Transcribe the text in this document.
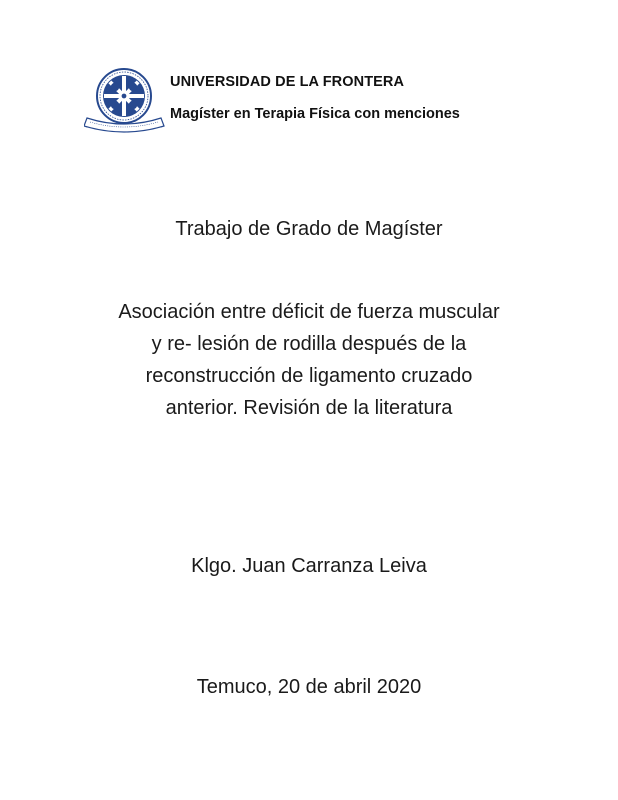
UNIVERSIDAD DE LA FRONTERA
Magíster en Terapia Física con menciones
Trabajo de Grado de Magíster
Asociación entre déficit de fuerza muscular
y re- lesión de rodilla después de la
reconstrucción de ligamento cruzado
anterior. Revisión de la literatura
Klgo. Juan Carranza Leiva
Temuco, 20 de abril 2020
